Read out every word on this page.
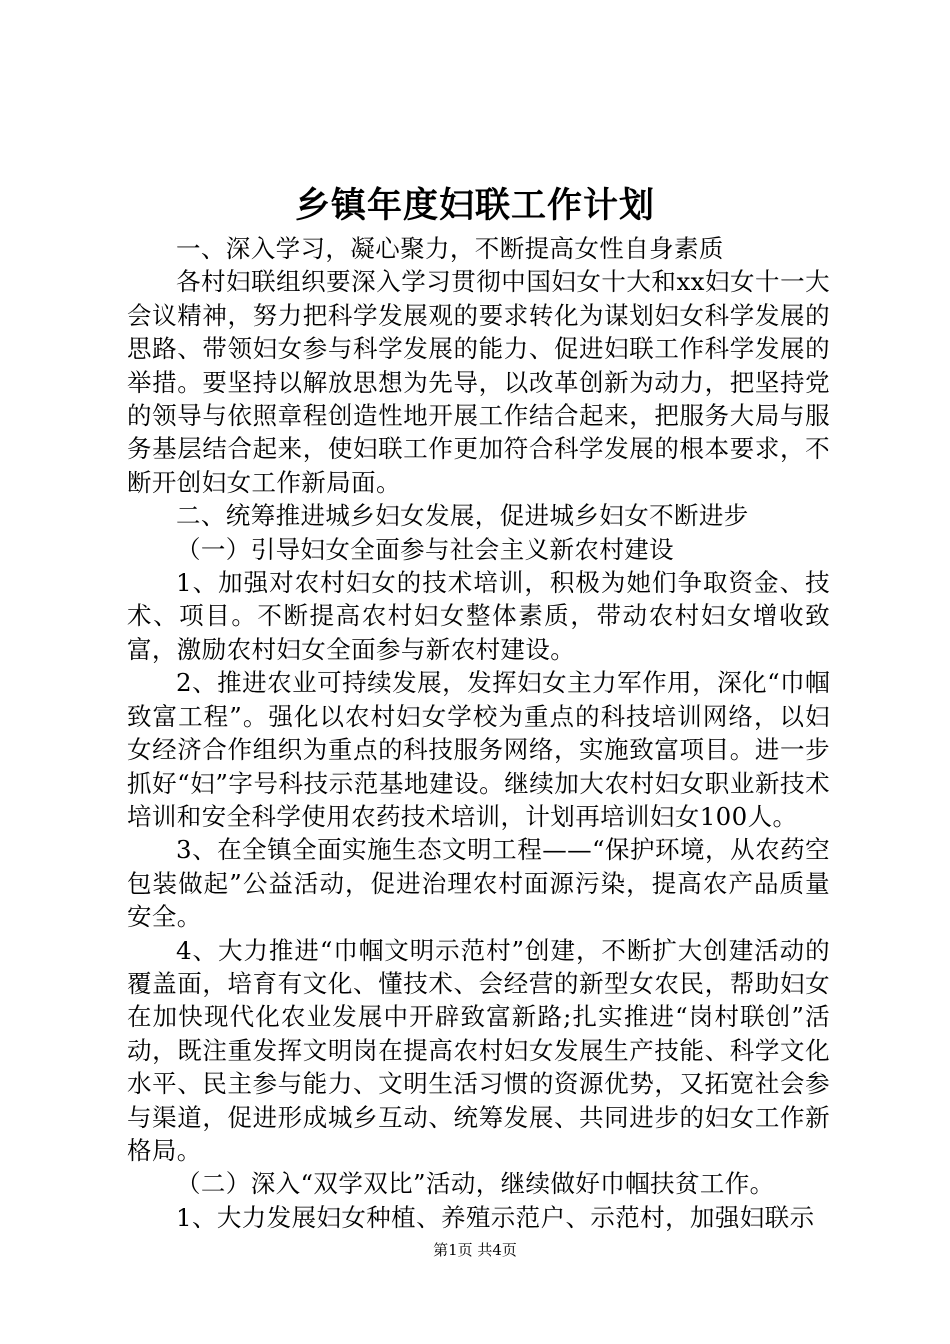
乡镇年度妇联工作计划

一、深入学习，凝心聚力，不断提高女性自身素质

各村妇联组织要深入学习贯彻中国妇女十大和xx妇女十一大会议精神，努力把科学发展观的要求转化为谋划妇女科学发展的思路、带领妇女参与科学发展的能力、促进妇联工作科学发展的举措。要坚持以解放思想为先导，以改革创新为动力，把坚持党的领导与依照章程创造性地开展工作结合起来，把服务大局与服务基层结合起来，使妇联工作更加符合科学发展的根本要求，不断开创妇女工作新局面。

二、统筹推进城乡妇女发展，促进城乡妇女不断进步

（一）引导妇女全面参与社会主义新农村建设

1、加强对农村妇女的技术培训，积极为她们争取资金、技术、项目。不断提高农村妇女整体素质，带动农村妇女增收致富，激励农村妇女全面参与新农村建设。

2、推进农业可持续发展，发挥妇女主力军作用，深化“巾帼致富工程”。强化以农村妇女学校为重点的科技培训网络，以妇女经济合作组织为重点的科技服务网络，实施致富项目。进一步抓好“妇”字号科技示范基地建设。继续加大农村妇女职业新技术培训和安全科学使用农药技术培训，计划再培训妇女100人。

3、在全镇全面实施生态文明工程——“保护环境，从农药空包装做起”公益活动，促进治理农村面源污染，提高农产品质量安全。

4、大力推进“巾帼文明示范村”创建，不断扩大创建活动的覆盖面，培育有文化、懂技术、会经营的新型女农民，帮助妇女在加快现代化农业发展中开辟致富新路;扎实推进“岗村联创”活动，既注重发挥文明岗在提高农村妇女发展生产技能、科学文化水平、民主参与能力、文明生活习惯的资源优势，又拓宽社会参与渠道，促进形成城乡互动、统筹发展、共同进步的妇女工作新格局。

（二）深入“双学双比”活动，继续做好巾帼扶贫工作。

1、大力发展妇女种植、养殖示范户、示范村，加强妇联示

第1页 共4页
